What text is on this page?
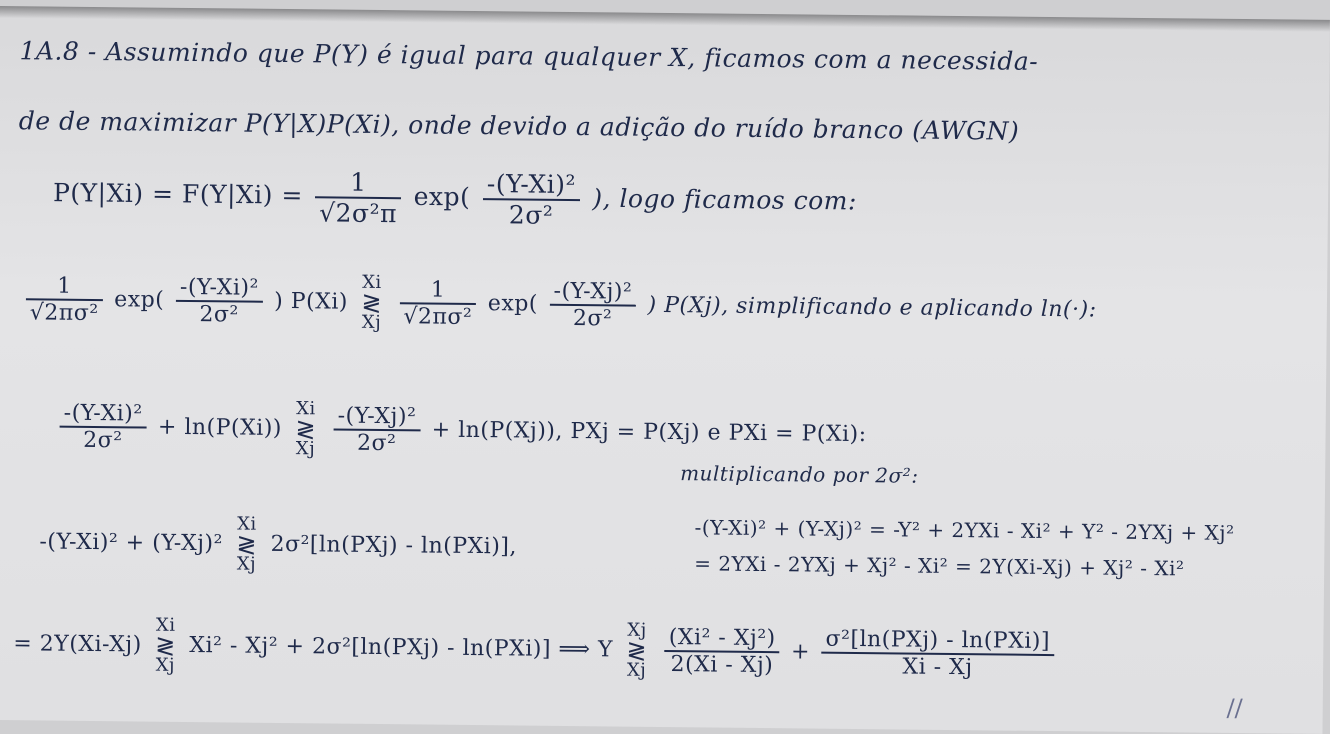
1A.8 - Assumindo que P(Y) é igual para qualquer X, ficamos com a necessida-
de de maximizar P(Y|X)P(Xi), onde devido a adição do ruído branco (AWGN)
$P(Y|Xi) = F(Y|Xi) = \frac{1}{\text{√2σ²π}} \exp( \frac{\text{-(Y-Xi)²}}{\text{2σ²}}$ ), logo ficamos com:
$\frac{1}{\text{√2πσ²}} \exp( \frac{\text{-(Y-Xi)²}}{\text{2σ²}}$ ) P(Xi)
Xi
≷
Xj
$\frac{1}{\text{√2πσ²}} \exp( \frac{\text{-(Y-Xj)²}}{\text{2σ²}}$ ) P(Xj), simplificando e aplicando ln(·):
$\frac{\text{-(Y-Xi)²}}{\text{2σ²}} + \ln(P(Xi))$
Xi
≷
Xj
$\frac{\text{-(Y-Xj)²}}{\text{2σ²}} + \ln(P(Xj))$, PXj = P(Xj) e PXi = P(Xi):
multiplicando por 2σ²:
-(Y-Xi)² + (Y-Xj)²
Xi
≷
Xj
2σ²[ln(PXj) - ln(PXi)],
-(Y-Xi)² + (Y-Xj)² = -Y² + 2YXi - Xi² + Y² - 2YXj + Xj²
= 2YXi - 2YXj + Xj² - Xi² = 2Y(Xi-Xj) + Xj² - Xi²
= 2Y(Xi-Xj)
Xi
≷
Xj
Xi² - Xj² + 2σ²[ln(PXj) - ln(PXi)] ⟹ Y
Xj
≷
Xj
$\frac{\text{(Xi² - Xj²)}}{2(Xi - Xj)} + \frac{\text{σ²[ln(PXj) - ln(PXi)]}}{Xi - Xj}$
//
